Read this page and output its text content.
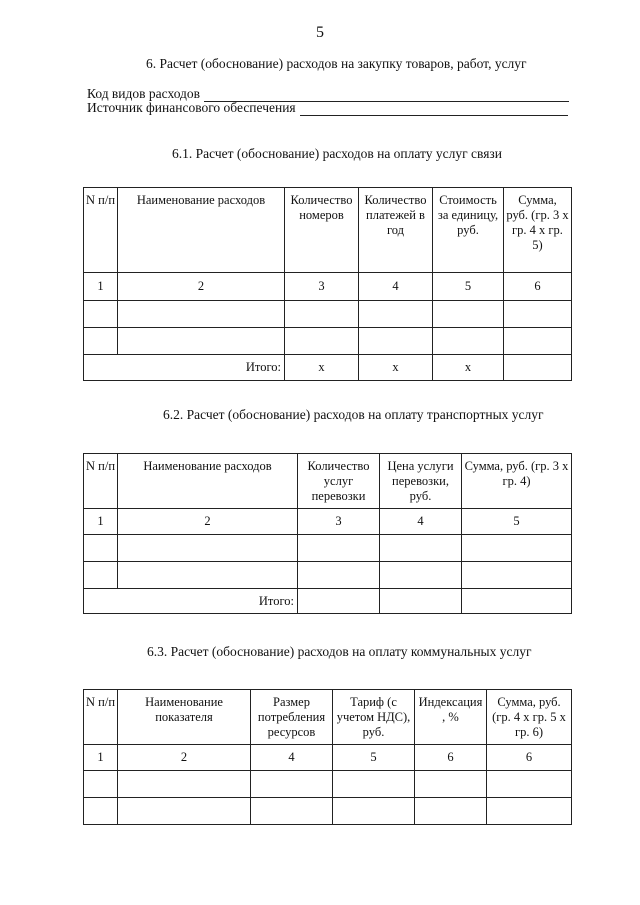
5
6. Расчет (обоснование) расходов на закупку товаров, работ, услуг
Код видов расходов
Источник финансового обеспечения
6.1. Расчет (обоснование) расходов на оплату услуг связи
N п/п	Наименование расходов	Количество номеров	Количество платежей в год	Стоимость за единицу, руб.	Сумма, руб. (гр. 3 х гр. 4 х гр. 5)
1	2	3	4	5	6

Итого:		х	х	х	
6.2. Расчет (обоснование) расходов на оплату транспортных услуг
N п/п	Наименование расходов	Количество услуг перевозки	Цена услуги перевозки, руб.	Сумма, руб. (гр. 3 х гр. 4)
1	2	3	4	5

Итого:				
6.3. Расчет (обоснование) расходов на оплату коммунальных услуг
N п/п	Наименование показателя	Размер потребления ресурсов	Тариф (с учетом НДС), руб.	Индексация , %	Сумма, руб. (гр. 4 х гр. 5 х гр. 6)
1	2	4	5	6	6
